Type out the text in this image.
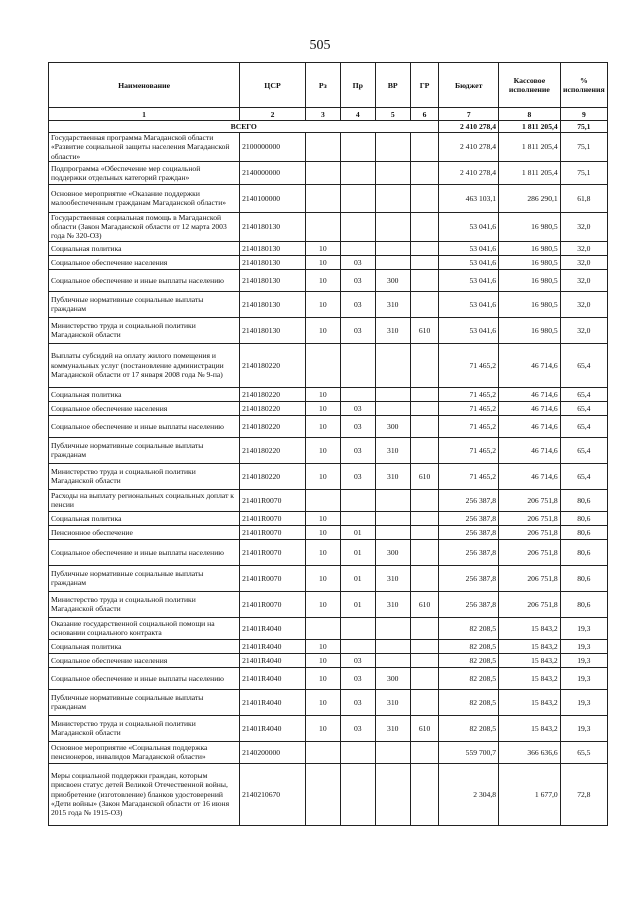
505
Наименование	ЦСР	Рз	Пр	ВР	ГР	Бюджет	Кассовое исполнение	% исполнения
1	2	3	4	5	6	7	8	9
ВСЕГО						2 410 278,4	1 811 205,4	75,1
Государственная программа Магаданской области «Развитие социальной защиты населения Магаданской области»	2100000000					2 410 278,4	1 811 205,4	75,1
Подпрограмма «Обеспечение мер социальной поддержки отдельных категорий граждан»	2140000000					2 410 278,4	1 811 205,4	75,1
Основное мероприятие «Оказание поддержки малообеспеченным гражданам Магаданской области»	2140100000					463 103,1	286 290,1	61,8
Государственная социальная помощь в Магаданской области (Закон Магаданской области от 12 марта 2003 года № 320-ОЗ)	2140180130					53 041,6	16 980,5	32,0
Социальная политика	2140180130	10				53 041,6	16 980,5	32,0
Социальное обеспечение населения	2140180130	10	03			53 041,6	16 980,5	32,0
Социальное обеспечение и иные выплаты населению	2140180130	10	03	300		53 041,6	16 980,5	32,0
Публичные нормативные социальные выплаты гражданам	2140180130	10	03	310		53 041,6	16 980,5	32,0
Министерство труда и социальной политики Магаданской области	2140180130	10	03	310	610	53 041,6	16 980,5	32,0
Выплаты субсидий на оплату жилого помещения и коммунальных услуг (постановление администрации Магаданской области от 17 января 2008 года № 9-па)	2140180220					71 465,2	46 714,6	65,4
Социальная политика	2140180220	10				71 465,2	46 714,6	65,4
Социальное обеспечение населения	2140180220	10	03			71 465,2	46 714,6	65,4
Социальное обеспечение и иные выплаты населению	2140180220	10	03	300		71 465,2	46 714,6	65,4
Публичные нормативные социальные выплаты гражданам	2140180220	10	03	310		71 465,2	46 714,6	65,4
Министерство труда и социальной политики Магаданской области	2140180220	10	03	310	610	71 465,2	46 714,6	65,4
Расходы на выплату региональных социальных доплат к пенсии	21401R0070					256 387,8	206 751,8	80,6
Социальная политика	21401R0070	10				256 387,8	206 751,8	80,6
Пенсионное обеспечение	21401R0070	10	01			256 387,8	206 751,8	80,6
Социальное обеспечение и иные выплаты населению	21401R0070	10	01	300		256 387,8	206 751,8	80,6
Публичные нормативные социальные выплаты гражданам	21401R0070	10	01	310		256 387,8	206 751,8	80,6
Министерство труда и социальной политики Магаданской области	21401R0070	10	01	310	610	256 387,8	206 751,8	80,6
Оказание государственной социальной помощи на основании социального контракта	21401R4040					82 208,5	15 843,2	19,3
Социальная политика	21401R4040	10				82 208,5	15 843,2	19,3
Социальное обеспечение населения	21401R4040	10	03			82 208,5	15 843,2	19,3
Социальное обеспечение и иные выплаты населению	21401R4040	10	03	300		82 208,5	15 843,2	19,3
Публичные нормативные социальные выплаты гражданам	21401R4040	10	03	310		82 208,5	15 843,2	19,3
Министерство труда и социальной политики Магаданской области	21401R4040	10	03	310	610	82 208,5	15 843,2	19,3
Основное мероприятие «Социальная поддержка пенсионеров, инвалидов Магаданской области»	2140200000					559 700,7	366 636,6	65,5
Меры социальной поддержки граждан, которым присвоен статус детей Великой Отечественной войны, приобретение (изготовление) бланков удостоверений «Дети войны» (Закон Магаданской области от 16 июня 2015 года № 1915-ОЗ)	2140210670					2 304,8	1 677,0	72,8
